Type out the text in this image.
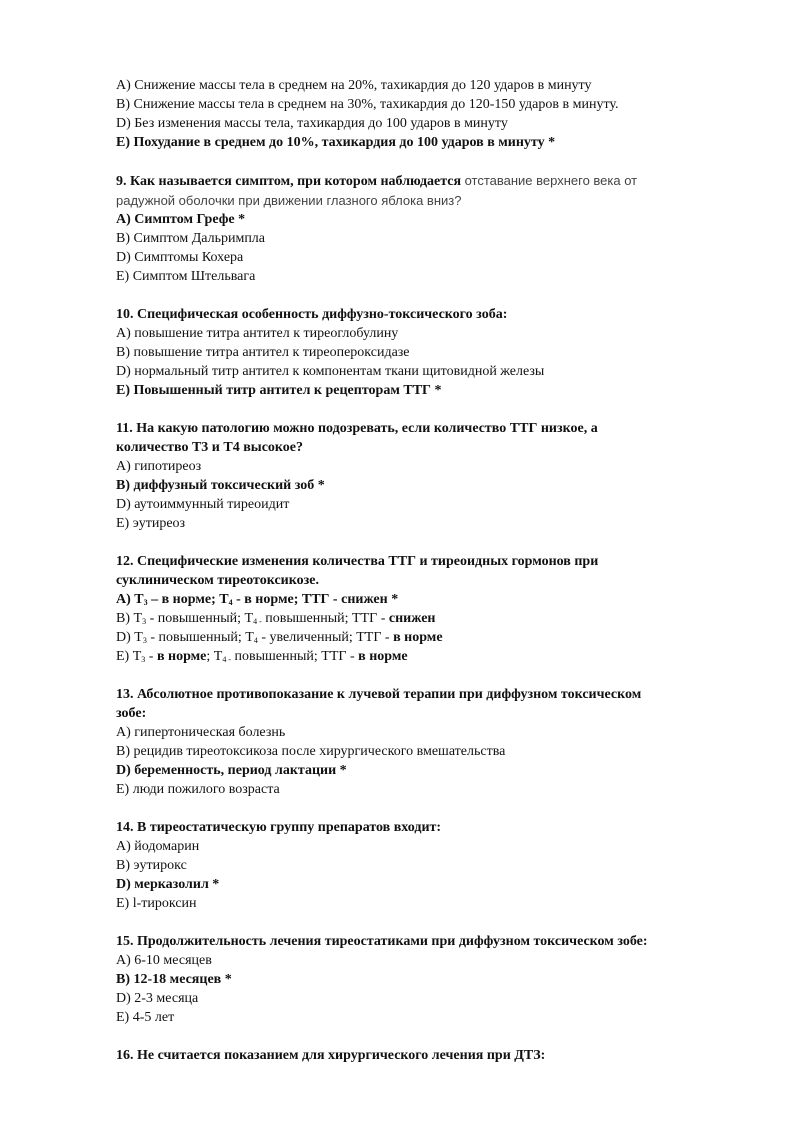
A) Снижение массы тела в среднем на 20%, тахикардия до 120 ударов в минуту
B) Снижение массы тела в среднем на 30%, тахикардия до 120-150 ударов в минуту.
D) Без изменения массы тела, тахикардия до 100 ударов в минуту
E) Похудание в среднем до 10%, тахикардия до 100 ударов в минуту *
9. Как называется симптом, при котором наблюдается отставание верхнего века от
радужной оболочки при движении глазного яблока вниз?
A) Симптом Грефе *
B) Симптом Дальримпла
D) Симптомы Кохера
E) Симптом Штельвага
10. Специфическая особенность диффузно-токсического зоба:
A) повышение титра антител к тиреоглобулину
B) повышение титра антител к тиреопероксидазе
D) нормальный титр антител к компонентам ткани щитовидной железы
E) Повышенный титр антител к рецепторам ТТГ *
11. На какую патологию можно подозревать, если количество ТТГ низкое, а
количество Т3 и Т4 высокое?
A) гипотиреоз
B) диффузный токсический зоб *
D) аутоиммунный тиреоидит
E) эутиреоз
12. Специфические изменения количества ТТГ и тиреоидных гормонов при
суклиническом тиреотоксикозе.
A) $Т_3$ – в норме; $Т_4$ - в норме; ТТГ - снижен *
B) $Т_3$ - повышенный; $Т_{4 -}$ повышенный; ТТГ - снижен
D) $Т_3$ - повышенный; $Т_4$ - увеличенный; ТТГ - в норме
E) $Т_3$ - в норме; $Т_{4 -}$ повышенный; ТТГ - в норме
13. Абсолютное противопоказание к лучевой терапии при диффузном токсическом
зобе:
A) гипертоническая болезнь
B) рецидив тиреотоксикоза после хирургического вмешательства
D) беременность, период лактации *
E) люди пожилого возраста
14. В тиреостатическую группу препаратов входит:
A) йодомарин
B) эутирокс
D) мерказолил *
E) l-тироксин
15. Продолжительность лечения тиреостатиками при диффузном токсическом зобе:
A) 6-10 месяцев
B) 12-18 месяцев *
D) 2-3 месяца
E) 4-5 лет
16. Не считается показанием для хирургического лечения при ДТЗ:
